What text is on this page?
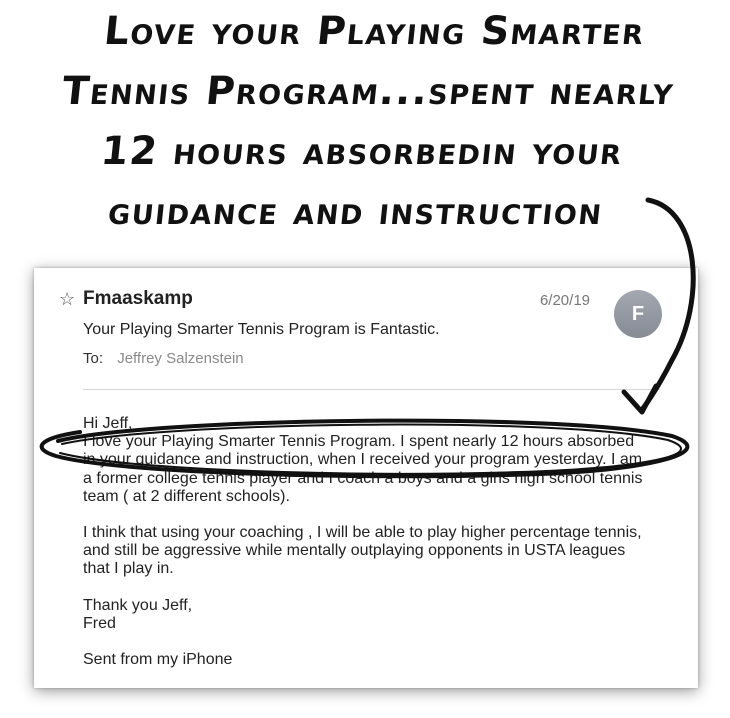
Love your Playing Smarter
Tennis Program...spent nearly
12 hours absorbedin your
guidance and instruction
☆ Fmaaskamp	6/20/19
F
Your Playing Smarter Tennis Program is Fantastic.
To: Jeffrey Salzenstein

Hi Jeff,

I love your Playing Smarter Tennis Program. I spent nearly 12 hours absorbed

in your guidance and instruction, when I received your program yesterday. I am

a former college tennis player and I coach a boys and a girls high school tennis

team ( at 2 different schools).

I think that using your coaching , I will be able to play higher percentage tennis,

and still be aggressive while mentally outplaying opponents in USTA leagues

that I play in.

Thank you Jeff,

Fred

Sent from my iPhone
